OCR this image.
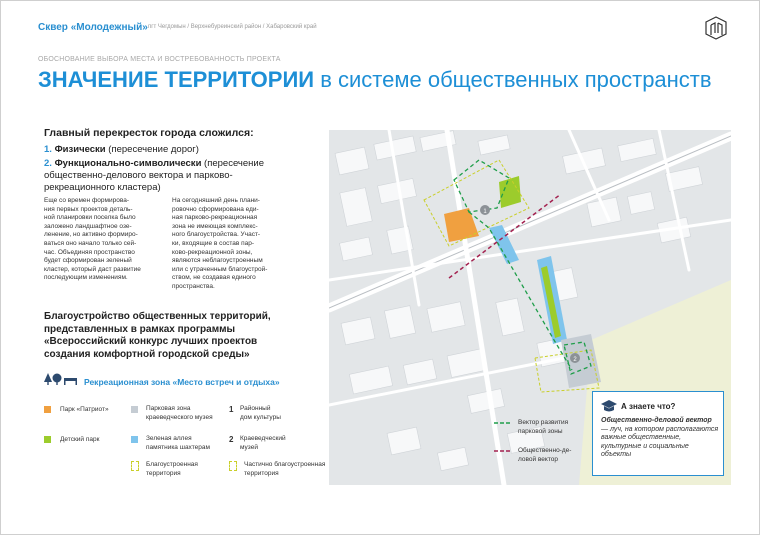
Сквер «Молодежный» пгт Чегдомын / Верхнебуреинский район / Хабаровский край
ОБОСНОВАНИЕ ВЫБОРА МЕСТА И ВОСТРЕБОВАННОСТЬ ПРОЕКТА
ЗНАЧЕНИЕ ТЕРРИТОРИИ в системе общественных пространств
Главный перекресток города сложился:
1. Физически (пересечение дорог)
2. Функционально-символически (пересечение
общественно-делового вектора и парково-
рекреационного кластера)
Еще со времен формирова-
ния первых проектов деталь-
ной планировки поселка было
заложено ландшафтное озе-
ленение, но активно формиро-
ваться оно начало только сей-
час. Объединяя пространство
будет сформирован зеленый
кластер, который даст развитие
последующим изменениям.
На сегодняшний день плани-
ровочно сформирована еди-
ная парково-рекреационная
зона не имеющая комплекс-
ного благоустройства. Участ-
ки, входящие в состав пар-
ково-рекреационной зоны,
являются неблагоустроенным
или с утраченным благоустрой-
ством, не создавая единого
пространства.
Благоустройство общественных территорий,
представленных в рамках программы
«Всероссийский конкурс лучших проектов
создания комфортной городской среды»
Рекреационная зона «Место встреч и отдыха»
Парк «Патриот»
Детский парк
Парковая зона
краеведческого музея
Зеленая аллея
памятника шахтерам
Благоустроенная
территория
1 Районный
дом культуры
2 Краеведческий
музей
Частично благоустроенная
территория
1
2
Вектор развития
парковой зоны
Общественно-де-
ловой вектор
А знаете что?
Общественно-деловой вектор — луч, на котором располагаются важные общественные, культурные и социальные объекты
